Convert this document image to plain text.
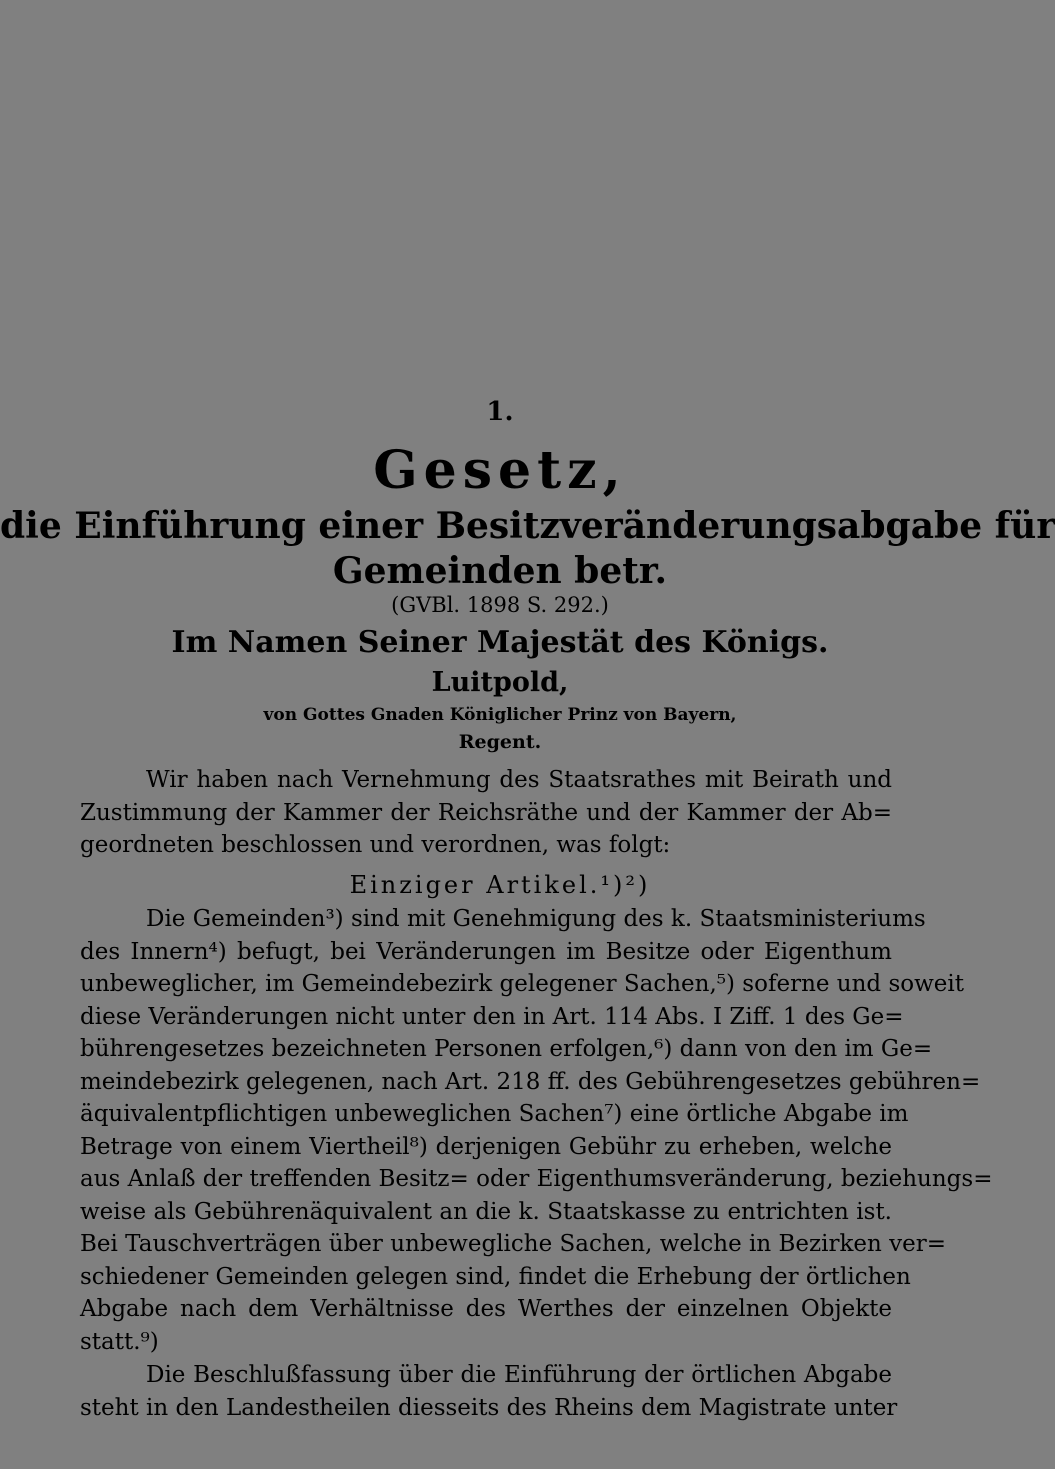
1.
Gesetz,
die Einführung einer Besitzveränderungsabgabe für
Gemeinden betr.
(GVBl. 1898 S. 292.)
Im Namen Seiner Majestät des Königs.
Luitpold,
von Gottes Gnaden Königlicher Prinz von Bayern,
Regent.
Wir haben nach Vernehmung des Staatsrathes mit Beirath und
Zustimmung der Kammer der Reichsräthe und der Kammer der Ab=
geordneten beschlossen und verordnen, was folgt:
Einziger Artikel.¹)²)
Die Gemeinden³) sind mit Genehmigung des k. Staatsministeriums
des Innern⁴) befugt, bei Veränderungen im Besitze oder Eigenthum
unbeweglicher, im Gemeindebezirk gelegener Sachen,⁵) soferne und soweit
diese Veränderungen nicht unter den in Art. 114 Abs. I Ziff. 1 des Ge=
bührengesetzes bezeichneten Personen erfolgen,⁶) dann von den im Ge=
meindebezirk gelegenen, nach Art. 218 ff. des Gebührengesetzes gebühren=
äquivalentpflichtigen unbeweglichen Sachen⁷) eine örtliche Abgabe im
Betrage von einem Viertheil⁸) derjenigen Gebühr zu erheben, welche
aus Anlaß der treffenden Besitz= oder Eigenthumsveränderung, beziehungs=
weise als Gebührenäquivalent an die k. Staatskasse zu entrichten ist.
Bei Tauschverträgen über unbewegliche Sachen, welche in Bezirken ver=
schiedener Gemeinden gelegen sind, findet die Erhebung der örtlichen
Abgabe nach dem Verhältnisse des Werthes der einzelnen Objekte
statt.⁹)
Die Beschlußfassung über die Einführung der örtlichen Abgabe
steht in den Landestheilen diesseits des Rheins dem Magistrate unter
